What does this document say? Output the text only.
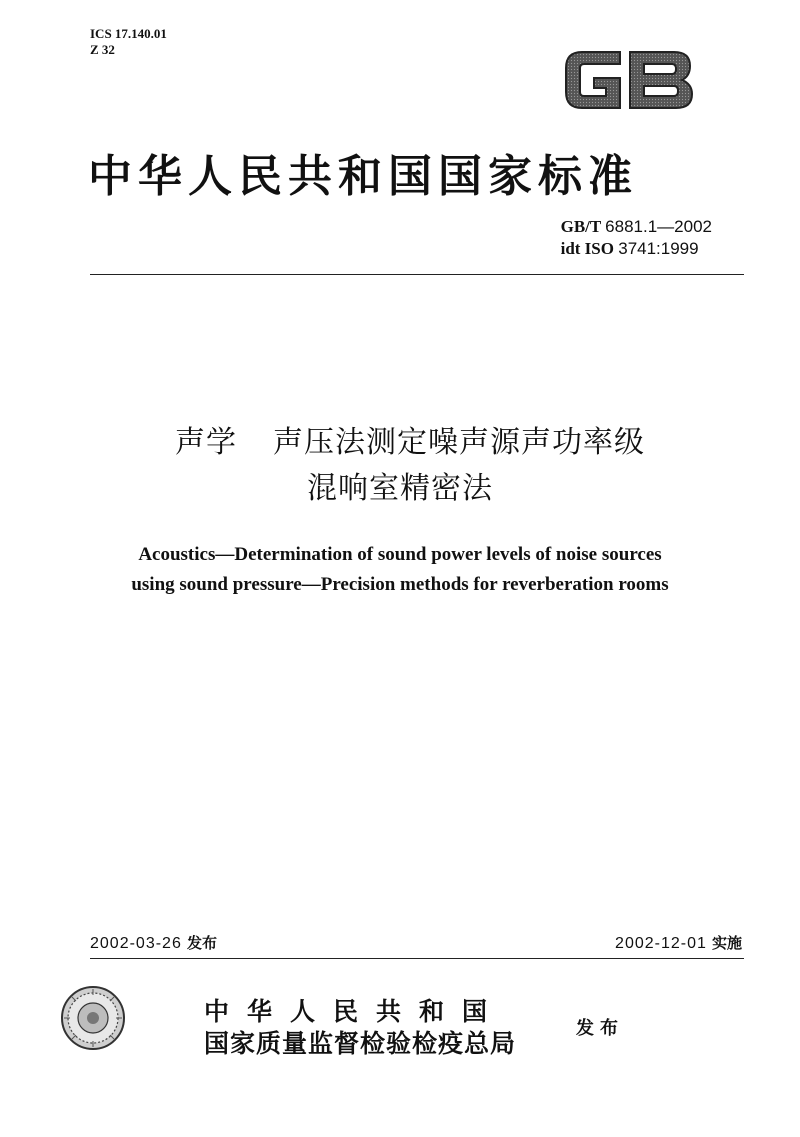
ICS 17.140.01
Z 32
中华人民共和国国家标准
GB/T 6881.1—2002
idt ISO 3741:1999
声学 声压法测定噪声源声功率级
混响室精密法
Acoustics—Determination of sound power levels of noise sources
using sound pressure—Precision methods for reverberation rooms
2002-03-26 发布	2002-12-01 实施
中华人民共和国
国家质量监督检验检疫总局
发布
